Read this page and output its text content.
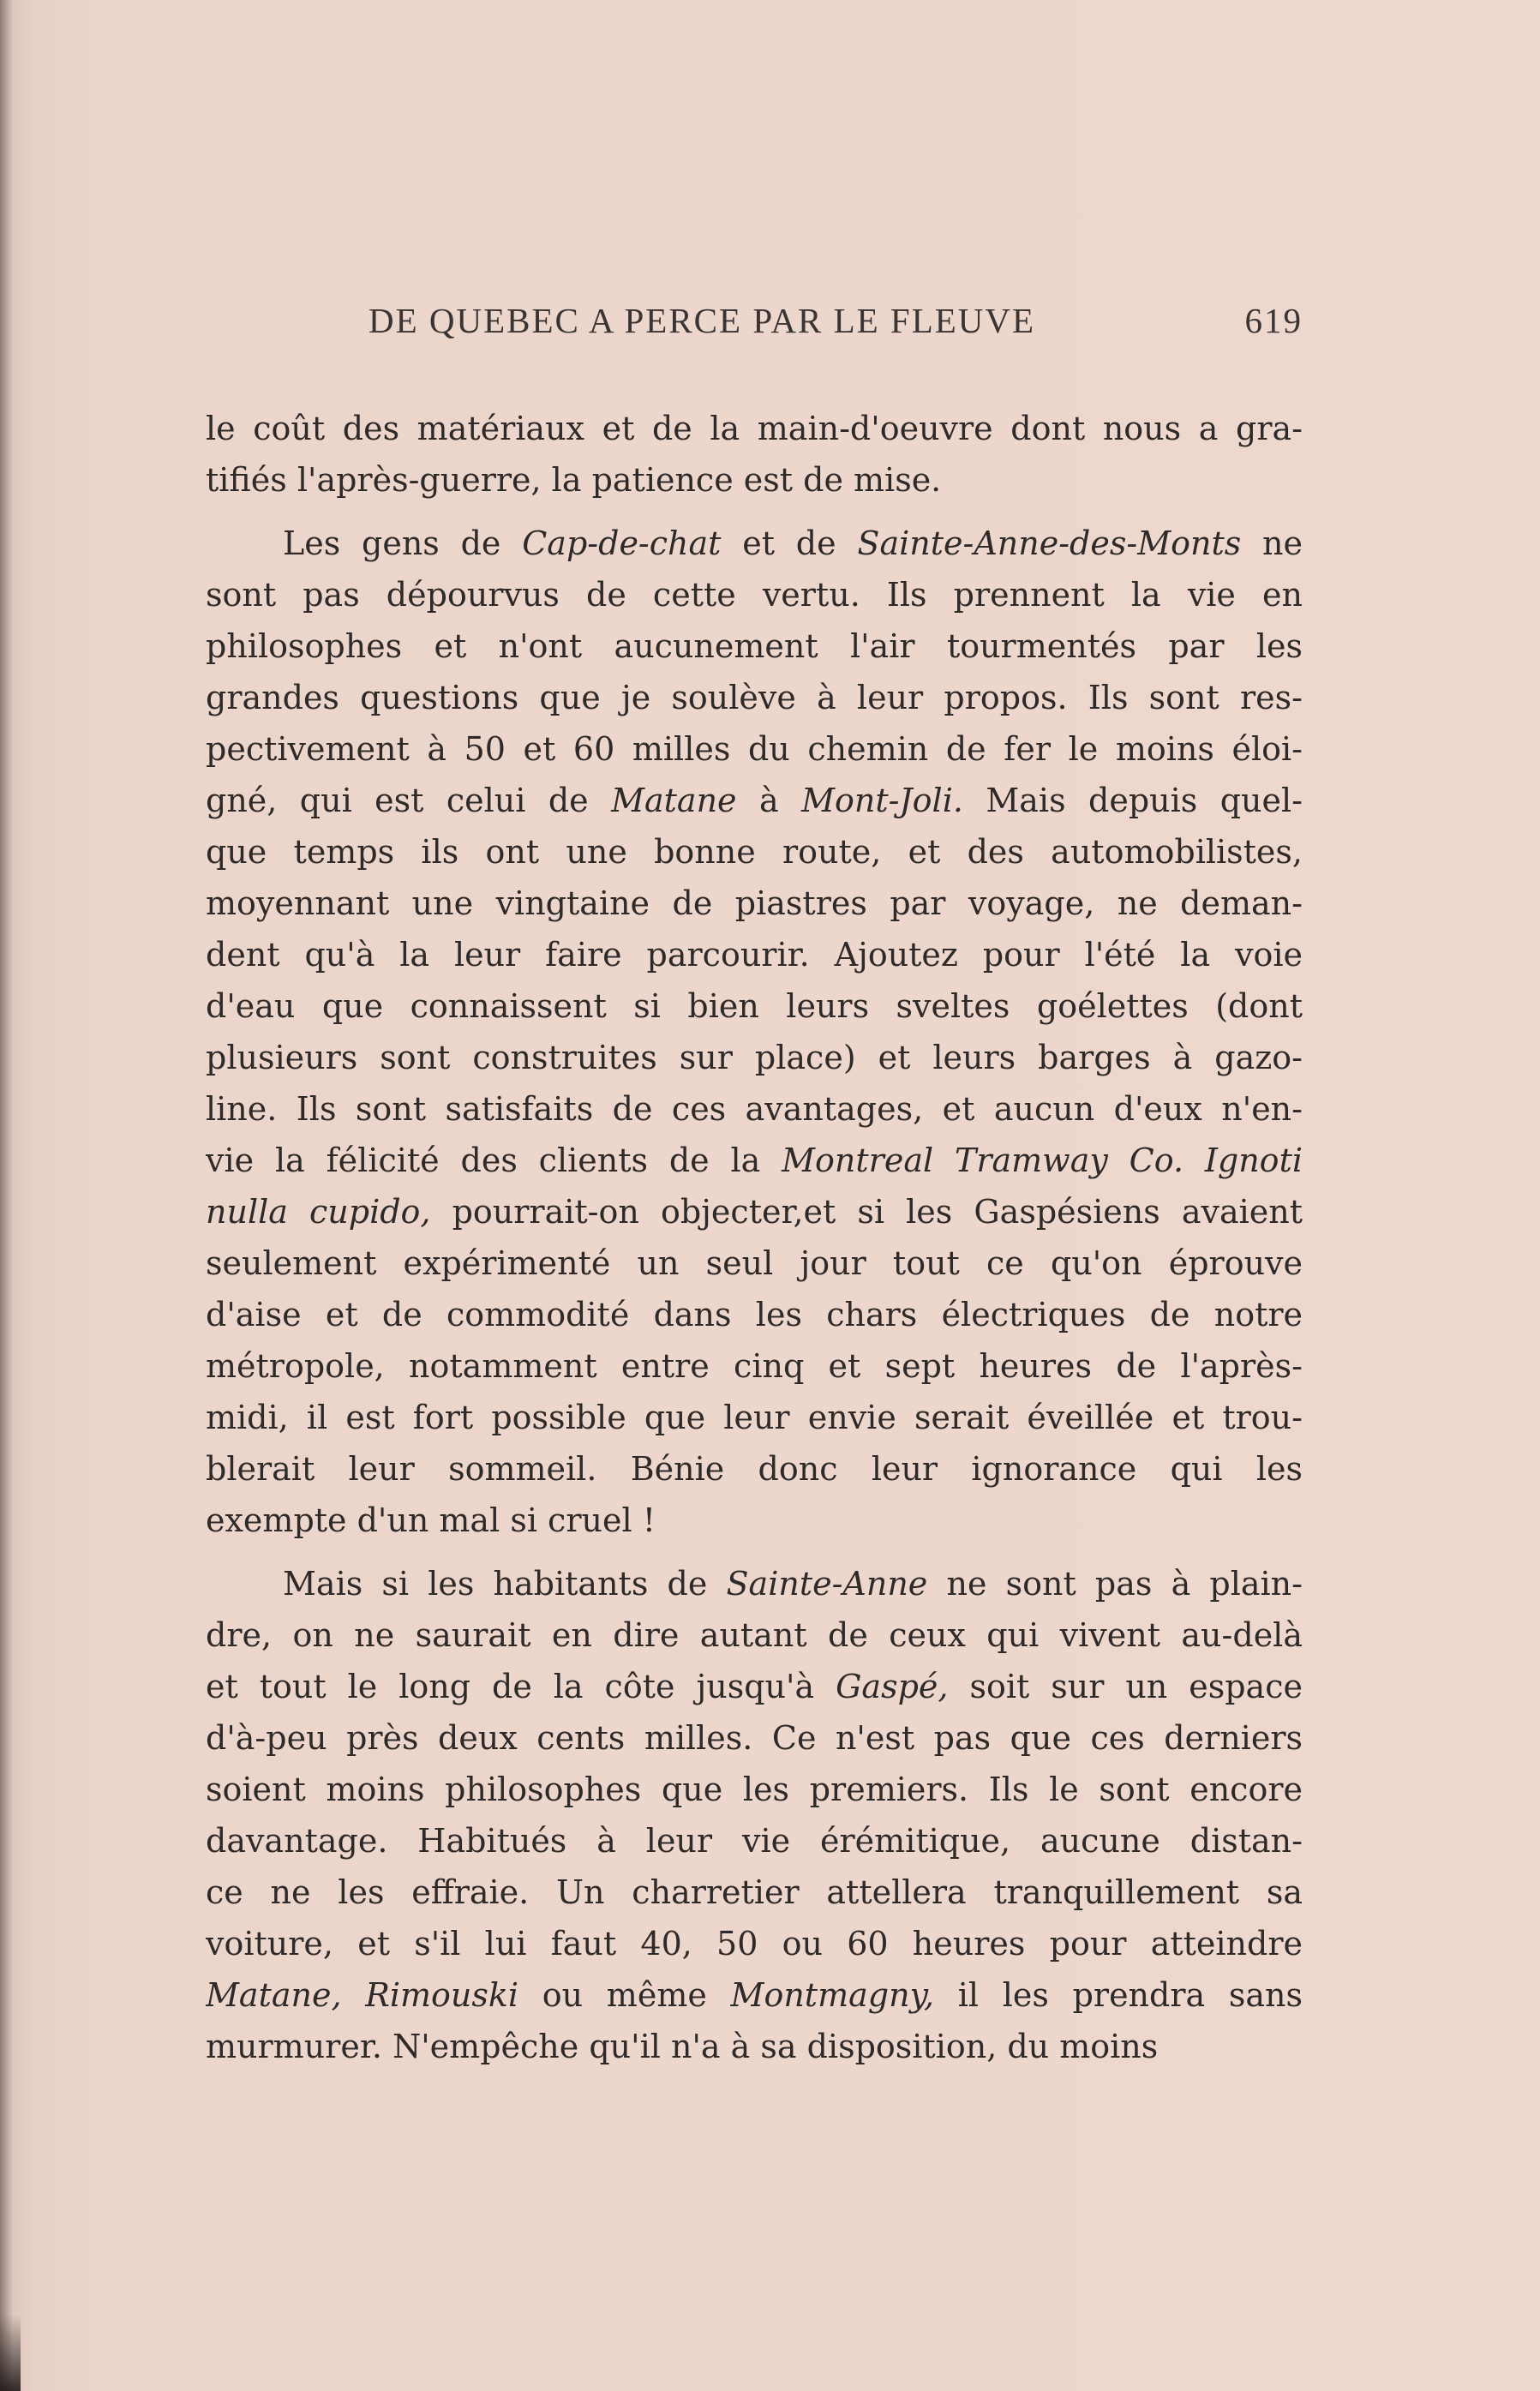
DE QUEBEC A PERCE PAR LE FLEUVE	619
le coût des matériaux et de la main-d'oeuvre dont nous a gra-
tifiés l'après-guerre, la patience est de mise.
Les gens de Cap-de-chat et de Sainte-Anne-des-Monts ne
sont pas dépourvus de cette vertu. Ils prennent la vie en
philosophes et n'ont aucunement l'air tourmentés par les
grandes questions que je soulève à leur propos. Ils sont res-
pectivement à 50 et 60 milles du chemin de fer le moins éloi-
gné, qui est celui de Matane à Mont-Joli. Mais depuis quel-
que temps ils ont une bonne route, et des automobilistes,
moyennant une vingtaine de piastres par voyage, ne deman-
dent qu'à la leur faire parcourir. Ajoutez pour l'été la voie
d'eau que connaissent si bien leurs sveltes goélettes (dont
plusieurs sont construites sur place) et leurs barges à gazo-
line. Ils sont satisfaits de ces avantages, et aucun d'eux n'en-
vie la félicité des clients de la Montreal Tramway Co. Ignoti
nulla cupido, pourrait-on objecter,et si les Gaspésiens avaient
seulement expérimenté un seul jour tout ce qu'on éprouve
d'aise et de commodité dans les chars électriques de notre
métropole, notamment entre cinq et sept heures de l'après-
midi, il est fort possible que leur envie serait éveillée et trou-
blerait leur sommeil. Bénie donc leur ignorance qui les
exempte d'un mal si cruel !
Mais si les habitants de Sainte-Anne ne sont pas à plain-
dre, on ne saurait en dire autant de ceux qui vivent au-delà
et tout le long de la côte jusqu'à Gaspé, soit sur un espace
d'à-peu près deux cents milles. Ce n'est pas que ces derniers
soient moins philosophes que les premiers. Ils le sont encore
davantage. Habitués à leur vie érémitique, aucune distan-
ce ne les effraie. Un charretier attellera tranquillement sa
voiture, et s'il lui faut 40, 50 ou 60 heures pour atteindre
Matane, Rimouski ou même Montmagny, il les prendra sans
murmurer. N'empêche qu'il n'a à sa disposition, du moins
